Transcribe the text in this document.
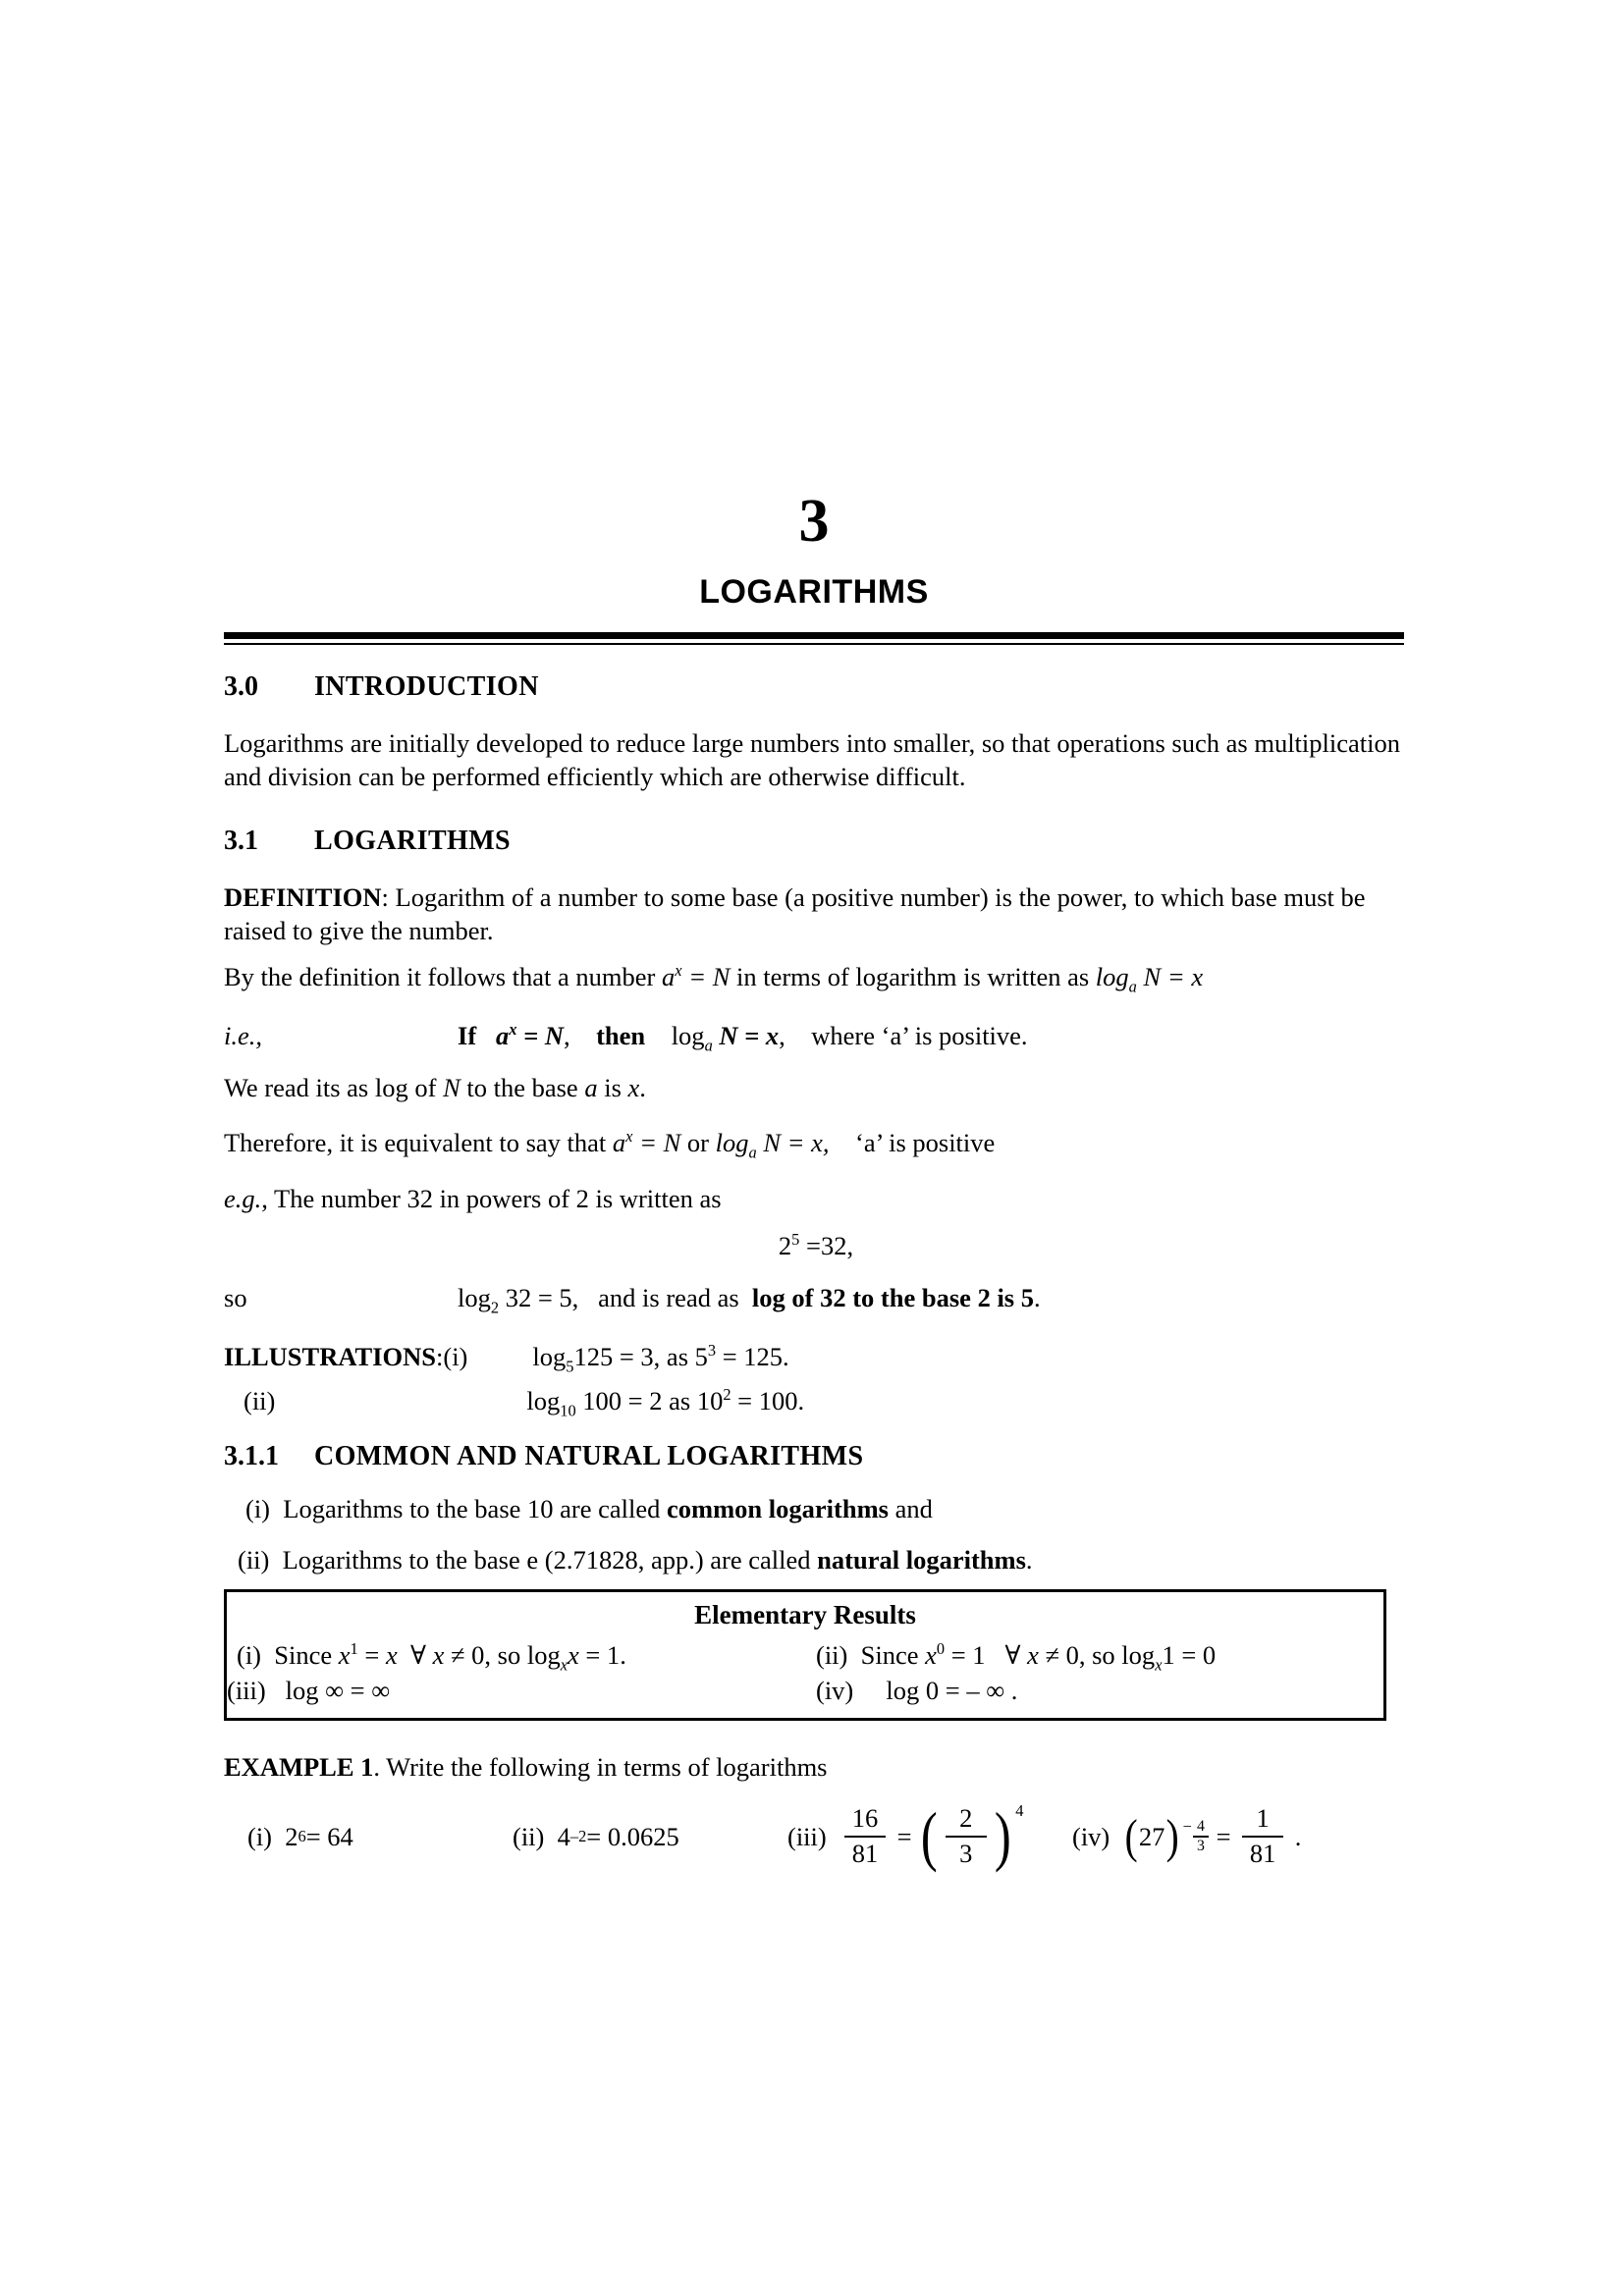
3
LOGARITHMS
3.0	INTRODUCTION
Logarithms are initially developed to reduce large numbers into smaller, so that operations such as multiplication and division can be performed efficiently which are otherwise difficult.
3.1	LOGARITHMS
DEFINITION: Logarithm of a number to some base (a positive number) is the power, to which base must be raised to give the number.
By the definition it follows that a number $a^x = N$ in terms of logarithm is written as $\log_a N = x$
i.e.,	If $a^x = N$, then $\log_a N = x$, where ‘a’ is positive.
We read its as log of N to the base a is x.
Therefore, it is equivalent to say that $a^x = N$ or $\log_a N = x$, ‘a’ is positive
e.g., The number 32 in powers of 2 is written as
$2^5 =32$,
so	$\log_2 32 = 5$, and is read as log of 32 to the base 2 is 5.
ILLUSTRATIONS : (i) $\log_5125 = 3$, as $5^3 = 125$.
(ii)	$\log_{10} 100 = 2$ as $10^2 = 100$.
3.1.1	COMMON AND NATURAL LOGARITHMS
(i) Logarithms to the base 10 are called common logarithms and
(ii) Logarithms to the base e (2.71828, app.) are called natural logarithms.
Elementary Results
(i) Since $x^1 = x$ ∀ x ≠ 0, so $\log_xx = 1$.	(ii) Since $x^0 = 1$ ∀ x ≠ 0, so $\log_x1 = 0$
(iii) log ∞ = ∞	(iv) log 0 = – ∞ .
EXAMPLE 1. Write the following in terms of logarithms
(i)
2 6 = 64	(ii)
4 –2 = 0.0625	(iii)
$\frac{16}{81}$
=
( $\frac{2}{3}$ ) 4
(iv)
( 27 ) − $\frac{4}{3}$
=
$\frac{1}{81}$
.
